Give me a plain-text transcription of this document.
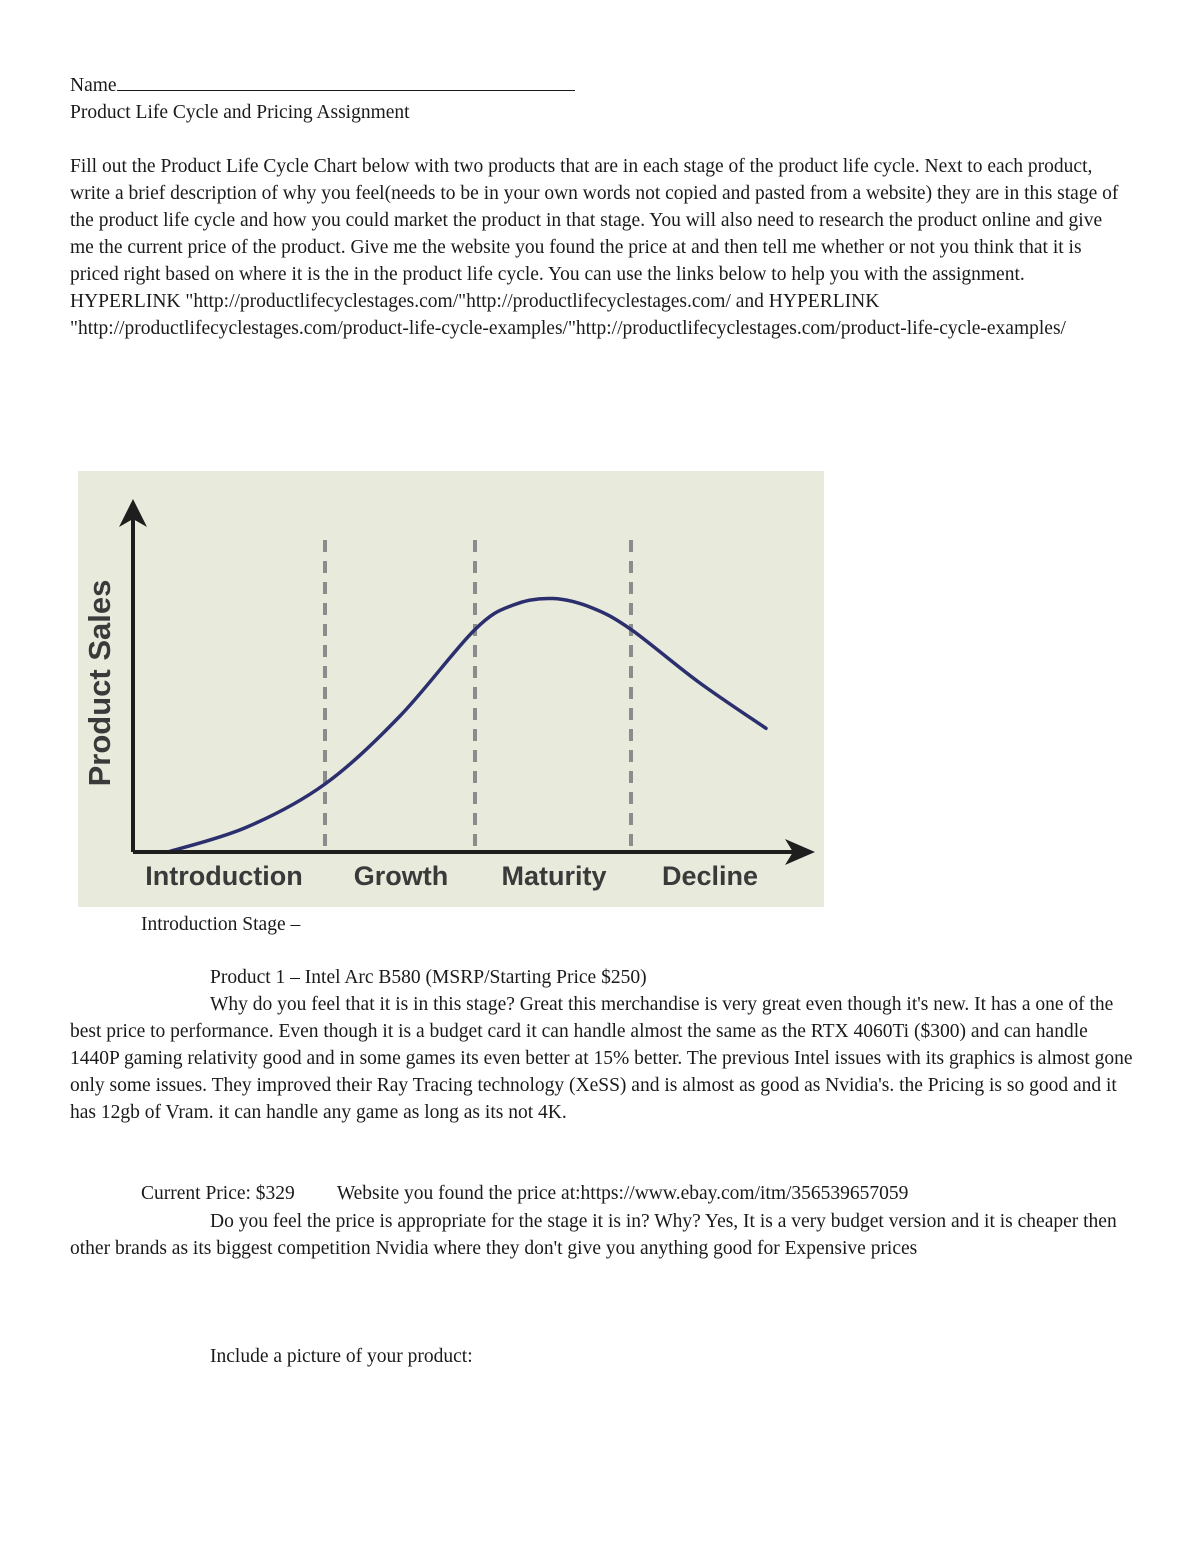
Name
Product Life Cycle and Pricing Assignment
Fill out the Product Life Cycle Chart below with two products that are in each stage of the product life cycle. Next to each product, write a brief description of why you feel(needs to be in your own words not copied and pasted from a website) they are in this stage of the product life cycle and how you could market the product in that stage. You will also need to research the product online and give me the current price of the product. Give me the website you found the price at and then tell me whether or not you think that it is priced right based on where it is the in the product life cycle. You can use the links below to help you with the assignment. HYPERLINK "http://productlifecyclestages.com/"http://productlifecyclestages.com/ and HYPERLINK "http://productlifecyclestages.com/product-life-cycle-examples/"http://productlifecyclestages.com/product-life-cycle-examples/
Product Sales
Introduction Growth Maturity Decline
Introduction Stage –

Product 1 – Intel Arc B580 (MSRP/Starting Price $250)

Why do you feel that it is in this stage? Great this merchandise is very great even though it's new. It has a one of the best price to performance. Even though it is a budget card it can handle almost the same as the RTX 4060Ti ($300) and can handle 1440P gaming relativity good and in some games its even better at 15% better. The previous Intel issues with its graphics is almost gone only some issues. They improved their Ray Tracing technology (XeSS) and is almost as good as Nvidia's. the Pricing is so good and it has 12gb of Vram. it can handle any game as long as its not 4K.

Current Price: $329 Website you found the price at:https://www.ebay.com/itm/356539657059
Do you feel the price is appropriate for the stage it is in? Why? Yes, It is a very budget version and it is cheaper then other brands as its biggest competition Nvidia where they don't give you anything good for Expensive prices
Include a picture of your product:
